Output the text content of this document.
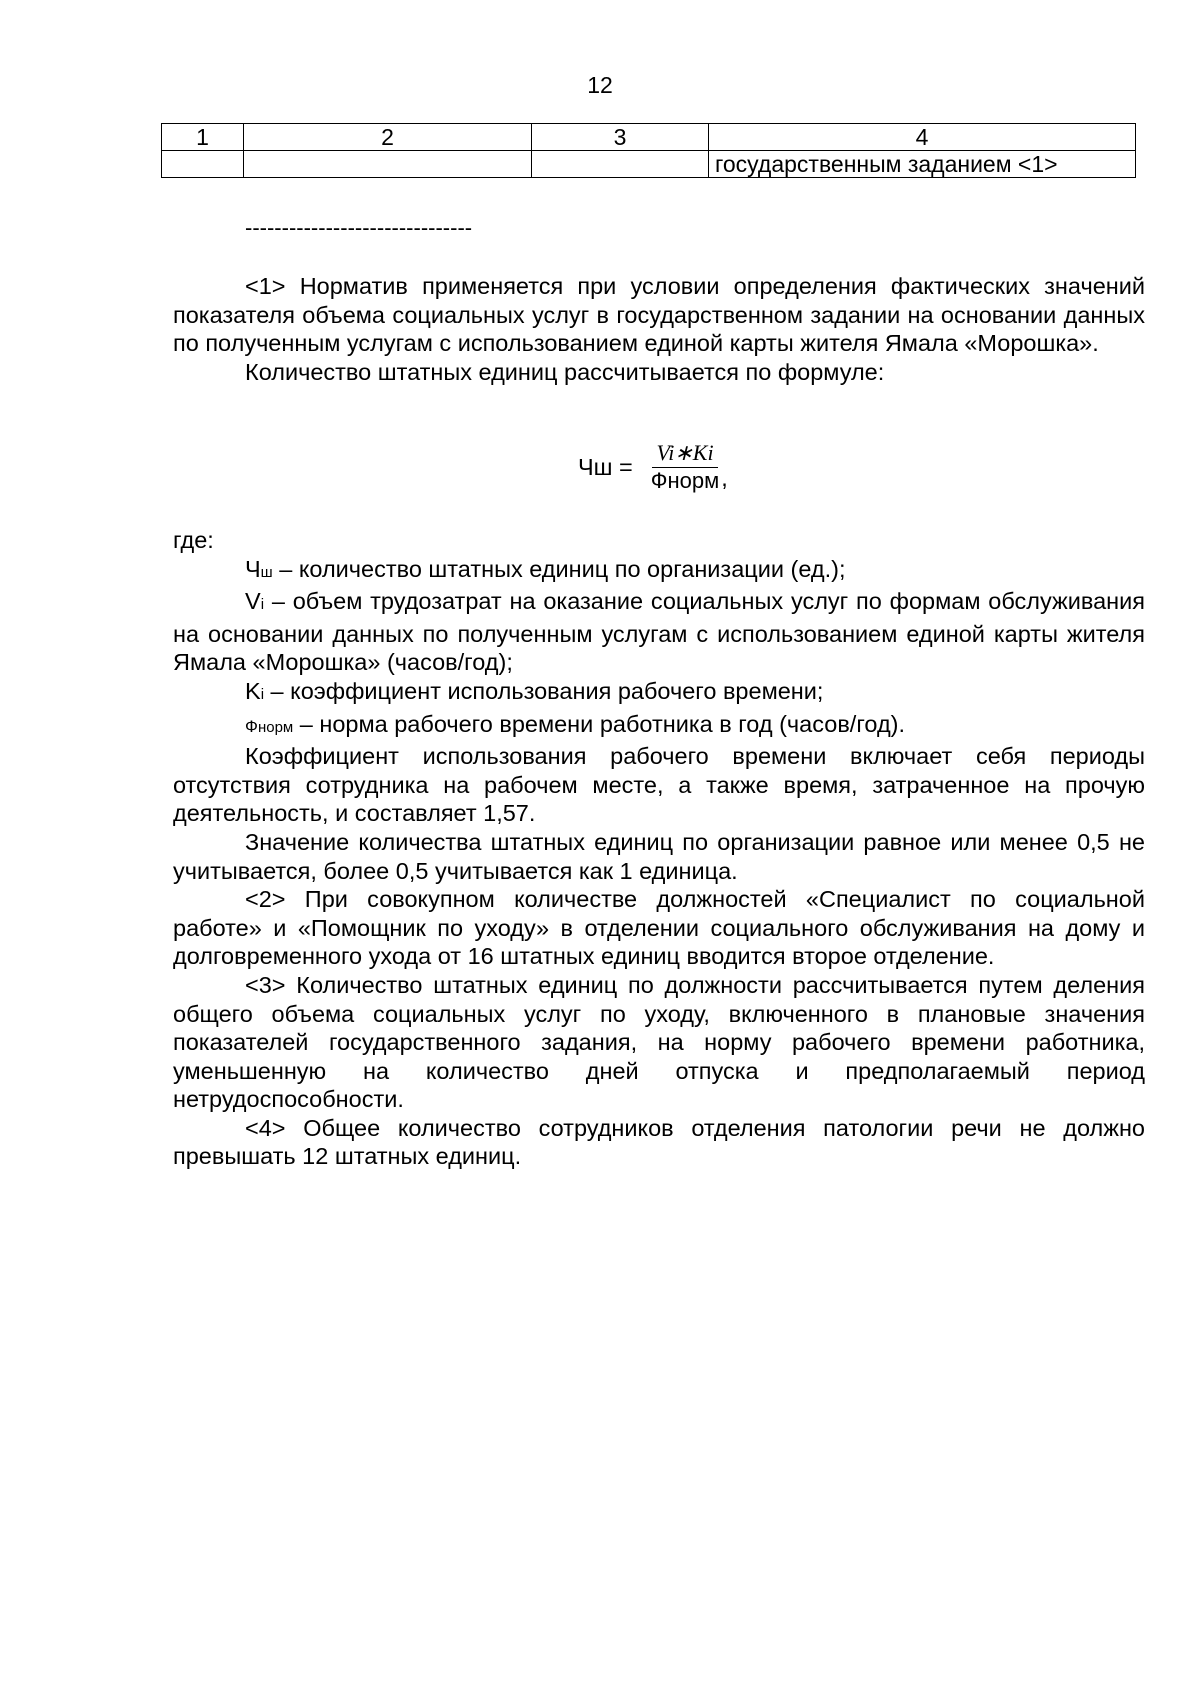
12
1	2	3	4
			государственным заданием <1>
-------------------------------

<1> Норматив применяется при условии определения фактических значений показателя объема социальных услуг в государственном задании на основании данных по полученным услугам с использованием единой карты жителя Ямала «Морошка».

Количество штатных единиц рассчитывается по формуле:

Чш = $\frac{Vi∗Ki}{\text{Фнорм}}$ ,

где:

Чш – количество штатных единиц по организации (ед.);

Vi – объем трудозатрат на оказание социальных услуг по формам обслуживания на основании данных по полученным услугам с использованием единой карты жителя Ямала «Морошка» (часов/год);

Ki – коэффициент использования рабочего времени;

Фнорм – норма рабочего времени работника в год (часов/год).

Коэффициент использования рабочего времени включает себя периоды отсутствия сотрудника на рабочем месте, а также время, затраченное на прочую деятельность, и составляет 1,57.

Значение количества штатных единиц по организации равное или менее 0,5 не учитывается, более 0,5 учитывается как 1 единица.

<2> При совокупном количестве должностей «Специалист по социальной работе» и «Помощник по уходу» в отделении социального обслуживания на дому и долговременного ухода от 16 штатных единиц вводится второе отделение.

<3> Количество штатных единиц по должности рассчитывается путем деления общего объема социальных услуг по уходу, включенного в плановые значения показателей государственного задания, на норму рабочего времени работника, уменьшенную на количество дней отпуска и предполагаемый период нетрудоспособности.

<4> Общее количество сотрудников отделения патологии речи не должно превышать 12 штатных единиц.
